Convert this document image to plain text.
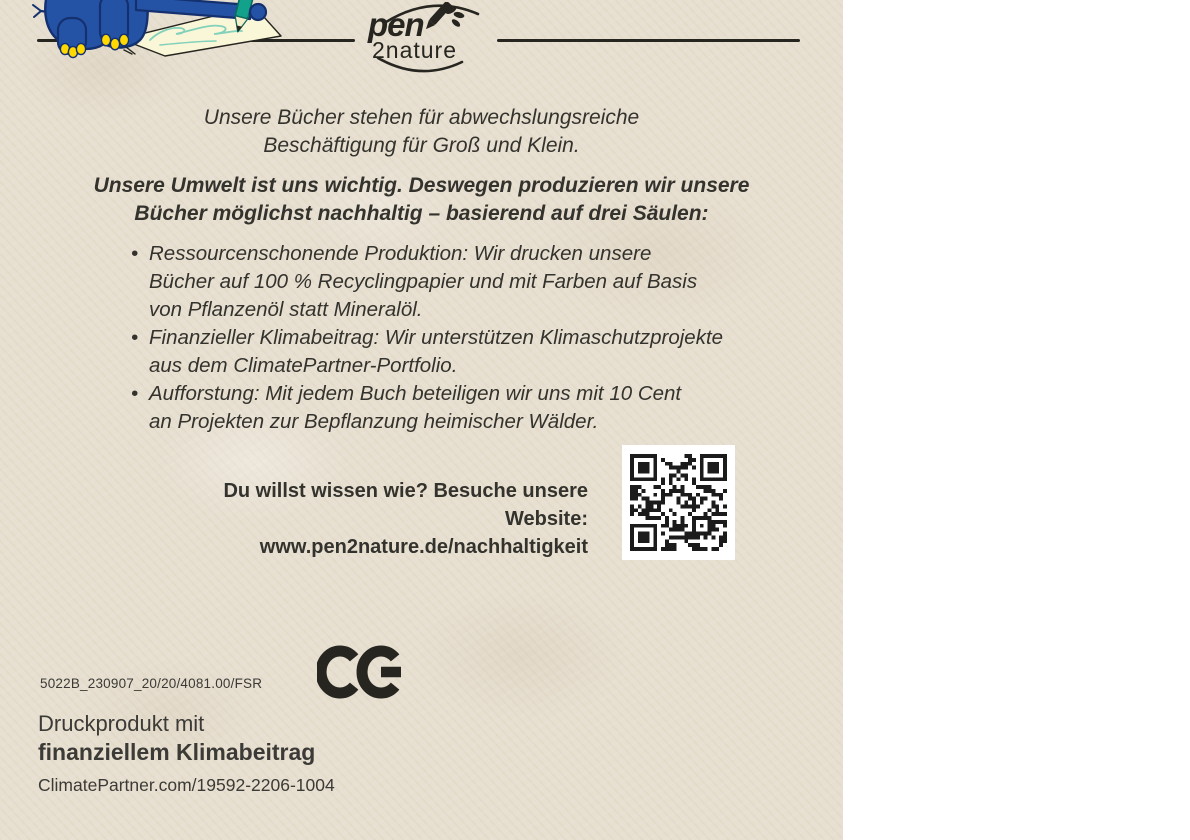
pen
2nature
Unsere Bücher stehen für abwechslungsreiche
Beschäftigung für Groß und Klein.
Unsere Umwelt ist uns wichtig. Deswegen produzieren wir unsere
Bücher möglichst nachhaltig – basierend auf drei Säulen:
• Ressourcenschonende Produktion: Wir drucken unsere
Bücher auf 100 % Recyclingpapier und mit Farben auf Basis
von Pflanzenöl statt Mineralöl.
• Finanzieller Klimabeitrag: Wir unterstützen Klimaschutzprojekte
aus dem ClimatePartner-Portfolio.
• Aufforstung: Mit jedem Buch beteiligen wir uns mit 10 Cent
an Projekten zur Bepflanzung heimischer Wälder.
Du willst wissen wie? Besuche unsere Website:
www.pen2nature.de/nachhaltigkeit
5022B_230907_20/20/4081.00/FSR
Druckprodukt mit
finanziellem Klimabeitrag
ClimatePartner.com/19592-2206-1004
